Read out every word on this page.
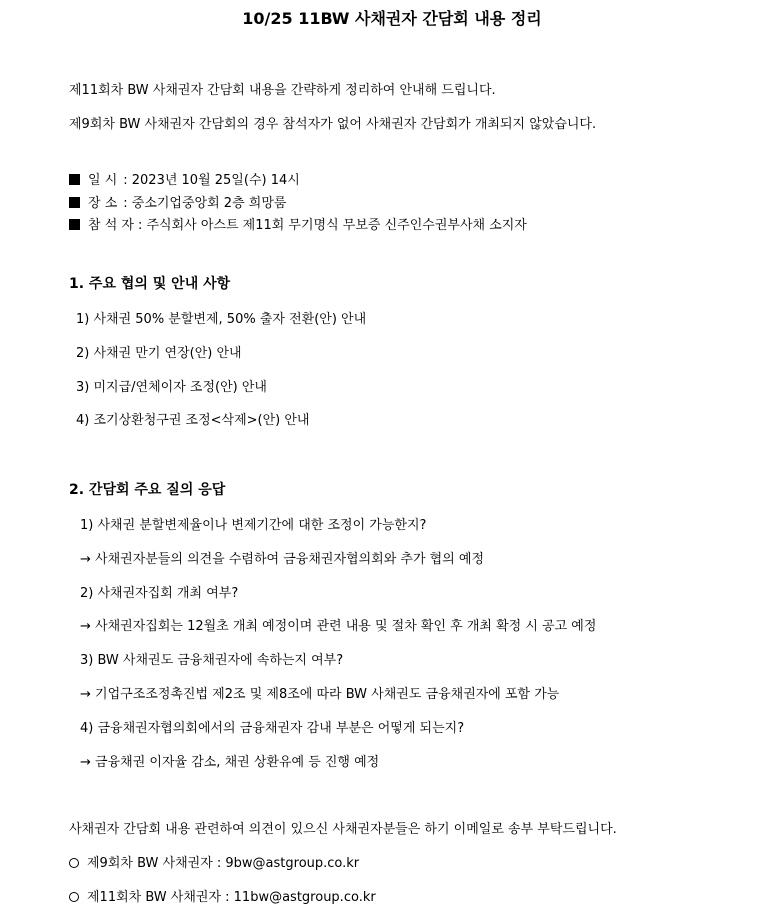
10/25 11BW 사채권자 간담회 내용 정리
제11회차 BW 사채권자 간담회 내용을 간략하게 정리하여 안내해 드립니다.
제9회차 BW 사채권자 간담회의 경우 참석자가 없어 사채권자 간담회가 개최되지 않았습니다.
일 시 : 2023년 10월 25일(수) 14시
장 소 : 중소기업중앙회 2층 희망룸
참 석 자 : 주식회사 아스트 제11회 무기명식 무보증 신주인수권부사채 소지자
1. 주요 협의 및 안내 사항
1) 사채권 50% 분할변제, 50% 출자 전환(안) 안내
2) 사채권 만기 연장(안) 안내
3) 미지급/연체이자 조정(안) 안내
4) 조기상환청구권 조정<삭제>(안) 안내
2. 간담회 주요 질의 응답
1) 사채권 분할변제율이나 변제기간에 대한 조정이 가능한지?
→ 사채권자분들의 의견을 수렴하여 금융채권자협의회와 추가 협의 예정
2) 사채권자집회 개최 여부?
→ 사채권자집회는 12월초 개최 예정이며 관련 내용 및 절차 확인 후 개최 확정 시 공고 예정
3) BW 사채권도 금융채권자에 속하는지 여부?
→ 기업구조조정촉진법 제2조 및 제8조에 따라 BW 사채권도 금융채권자에 포함 가능
4) 금융채권자협의회에서의 금융채권자 감내 부분은 어떻게 되는지?
→ 금융채권 이자율 감소, 채권 상환유예 등 진행 예정
사채권자 간담회 내용 관련하여 의견이 있으신 사채권자분들은 하기 이메일로 송부 부탁드립니다.
제9회차 BW 사채권자 : 9bw@astgroup.co.kr
제11회차 BW 사채권자 : 11bw@astgroup.co.kr
